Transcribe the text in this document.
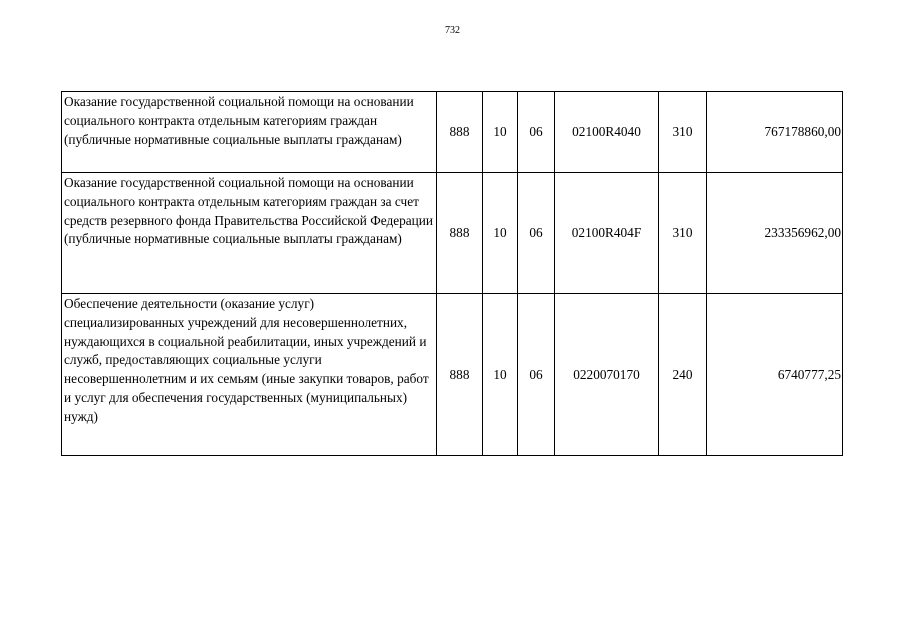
732
Оказание государственной социальной помощи на основании социального контракта отдельным категориям граждан (публичные нормативные социальные выплаты гражданам)	888	10	06	02100R4040	310	767178860,00
Оказание государственной социальной помощи на основании социального контракта отдельным категориям граждан за счет средств резервного фонда Правительства Российской Федерации (публичные нормативные социальные выплаты гражданам)	888	10	06	02100R404F	310	233356962,00
Обеспечение деятельности (оказание услуг) специализированных учреждений для несовершеннолетних, нуждающихся в социальной реабилитации, иных учреждений и служб, предоставляющих социальные услуги несовершеннолетним и их семьям (иные закупки товаров, работ и услуг для обеспечения государственных (муниципальных) нужд)	888	10	06	0220070170	240	6740777,25
